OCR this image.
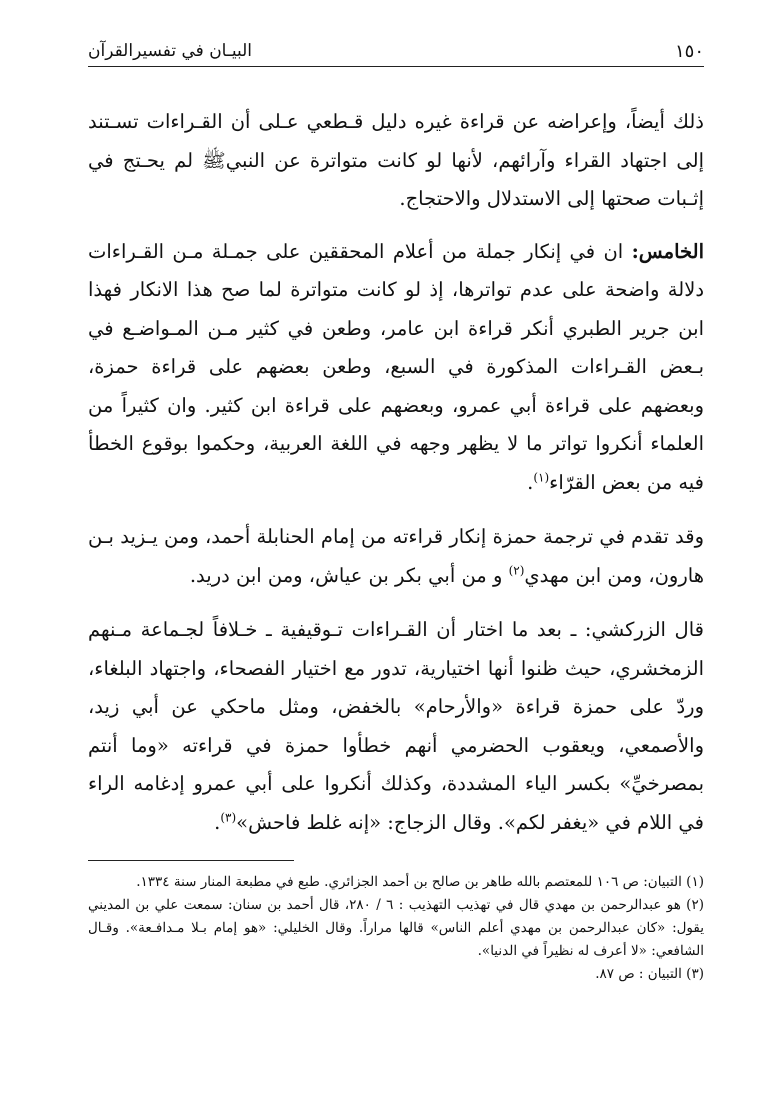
١٥٠
البيـان في تفسيرالقرآن

ذلك أيضاً، وإعراضه عن قراءة غيره دليل قـطعي عـلى أن القـراءات تسـتند إلى اجتهاد القراء وآرائهم، لأنها لو كانت متواترة عن النبيﷺ لم يحـتج في إثـبات صحتها إلى الاستدلال والاحتجاج.

الخامس: ان في إنكار جملة من أعلام المحققين على جمـلة مـن القـراءات دلالة واضحة على عدم تواترها، إذ لو كانت متواترة لما صح هذا الانكار فهذا ابن جرير الطبري أنكر قراءة ابن عامر، وطعن في كثير مـن المـواضـع في بـعض القـراءات المذكورة في السبع، وطعن بعضهم على قراءة حمزة، وبعضهم على قراءة أبي عمرو، وبعضهم على قراءة ابن كثير. وان كثيراً من العلماء أنكروا تواتر ما لا يظهر وجهه في اللغة العربية، وحكموا بوقوع الخطأ فيه من بعض القرّاء$^{(١)}$.

وقد تقدم في ترجمة حمزة إنكار قراءته من إمام الحنابلة أحمد، ومن يـزيد بـن هارون، ومن ابن مهدي$^{(٢)}$ و من أبي بكر بن عياش، ومن ابن دريد.

قال الزركشي: ـ بعد ما اختار أن القـراءات تـوقيفية ـ خـلافاً لجـماعة مـنهم الزمخشري، حيث ظنوا أنها اختيارية، تدور مع اختيار الفصحاء، واجتهاد البلغاء، وردّ على حمزة قراءة «والأرحام» بالخفض، ومثل ماحكي عن أبي زيد، والأصمعي، ويعقوب الحضرمي أنهم خطأوا حمزة في قراءته «وما أنتم بمصرخيِّ» بكسر الياء المشددة، وكذلك أنكروا على أبي عمرو إدغامه الراء في اللام في «يغفر لكم». وقال الزجاج: «إنه غلط فاحش»$^{(٣)}$.

(١) التبيان: ص ١٠٦ للمعتصم بالله طاهر بن صالح بن أحمد الجزائري. طبع في مطبعة المنار سنة ١٣٣٤.

(٢) هو عبدالرحمن بن مهدي قال في تهذيب التهذيب : ٦ / ٢٨٠، قال أحمد بن سنان: سمعت علي بن المديني يقول: «كان عبدالرحمن بن مهدي أعلم الناس» قالها مراراً. وقال الخليلي: «هو إمام بـلا مـدافـعة». وقـال الشافعي: «لا أعرف له نظيراً في الدنيا».

(٣) التبيان : ص ٨٧.
